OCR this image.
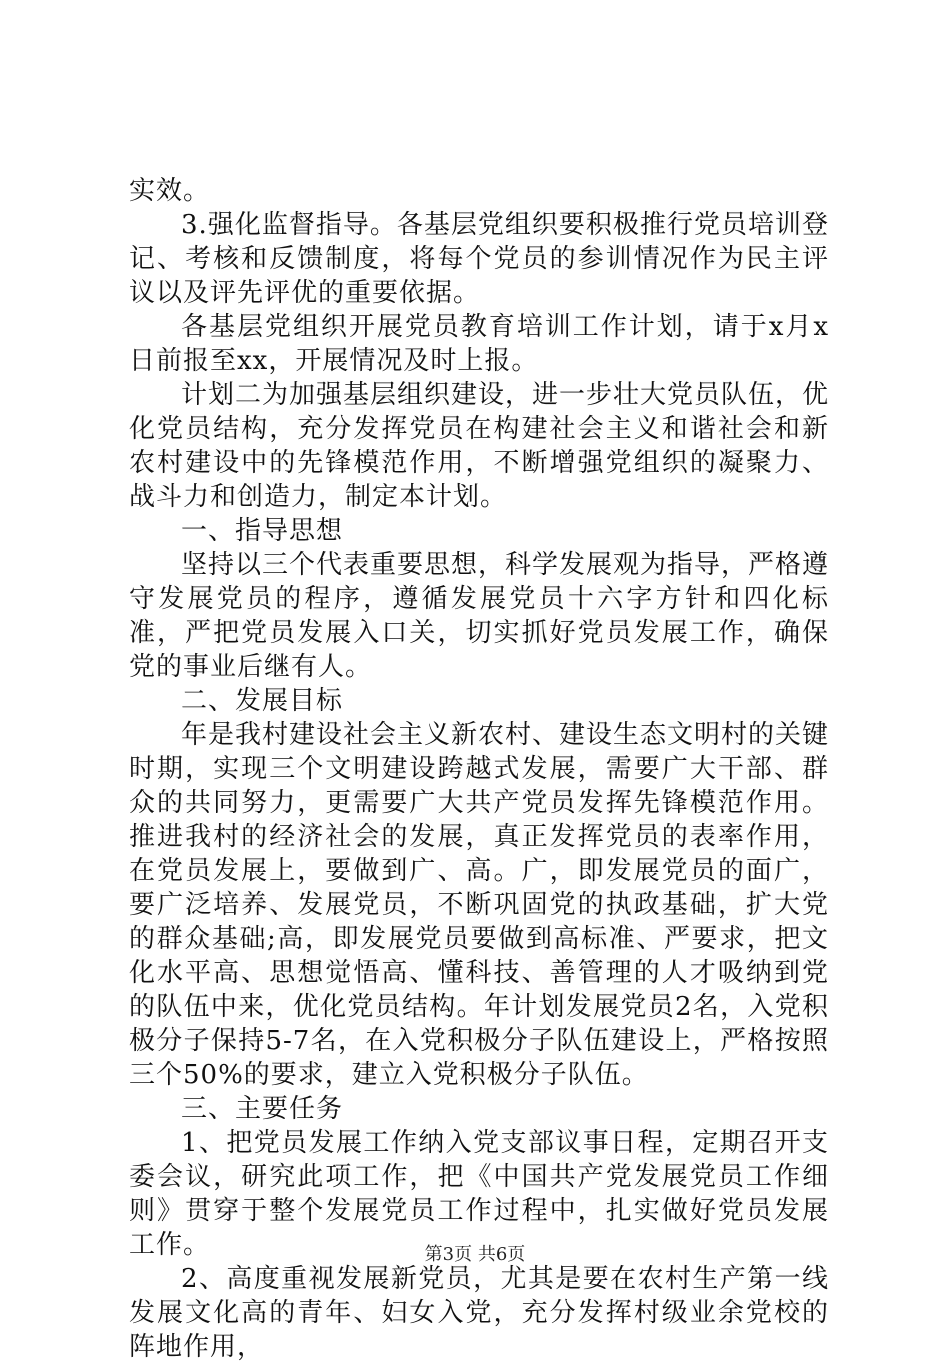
实效。

3.强化监督指导。各基层党组织要积极推行党员培训登记、考核和反馈制度，将每个党员的参训情况作为民主评议以及评先评优的重要依据。

各基层党组织开展党员教育培训工作计划，请于x月x日前报至xx，开展情况及时上报。

计划二为加强基层组织建设，进一步壮大党员队伍，优化党员结构，充分发挥党员在构建社会主义和谐社会和新农村建设中的先锋模范作用，不断增强党组织的凝聚力、战斗力和创造力，制定本计划。

一、指导思想

坚持以三个代表重要思想，科学发展观为指导，严格遵守发展党员的程序，遵循发展党员十六字方针和四化标准，严把党员发展入口关，切实抓好党员发展工作，确保党的事业后继有人。

二、发展目标

年是我村建设社会主义新农村、建设生态文明村的关键时期，实现三个文明建设跨越式发展，需要广大干部、群众的共同努力，更需要广大共产党员发挥先锋模范作用。推进我村的经济社会的发展，真正发挥党员的表率作用，在党员发展上，要做到广、高。广，即发展党员的面广，要广泛培养、发展党员，不断巩固党的执政基础，扩大党的群众基础;高，即发展党员要做到高标准、严要求，把文化水平高、思想觉悟高、懂科技、善管理的人才吸纳到党的队伍中来，优化党员结构。年计划发展党员2名，入党积极分子保持5-7名，在入党积极分子队伍建设上，严格按照三个50%的要求，建立入党积极分子队伍。

三、主要任务

1、把党员发展工作纳入党支部议事日程，定期召开支委会议，研究此项工作，把《中国共产党发展党员工作细则》贯穿于整个发展党员工作过程中，扎实做好党员发展工作。

2、高度重视发展新党员，尤其是要在农村生产第一线发展文化高的青年、妇女入党，充分发挥村级业余党校的阵地作用，

第3页 共6页
